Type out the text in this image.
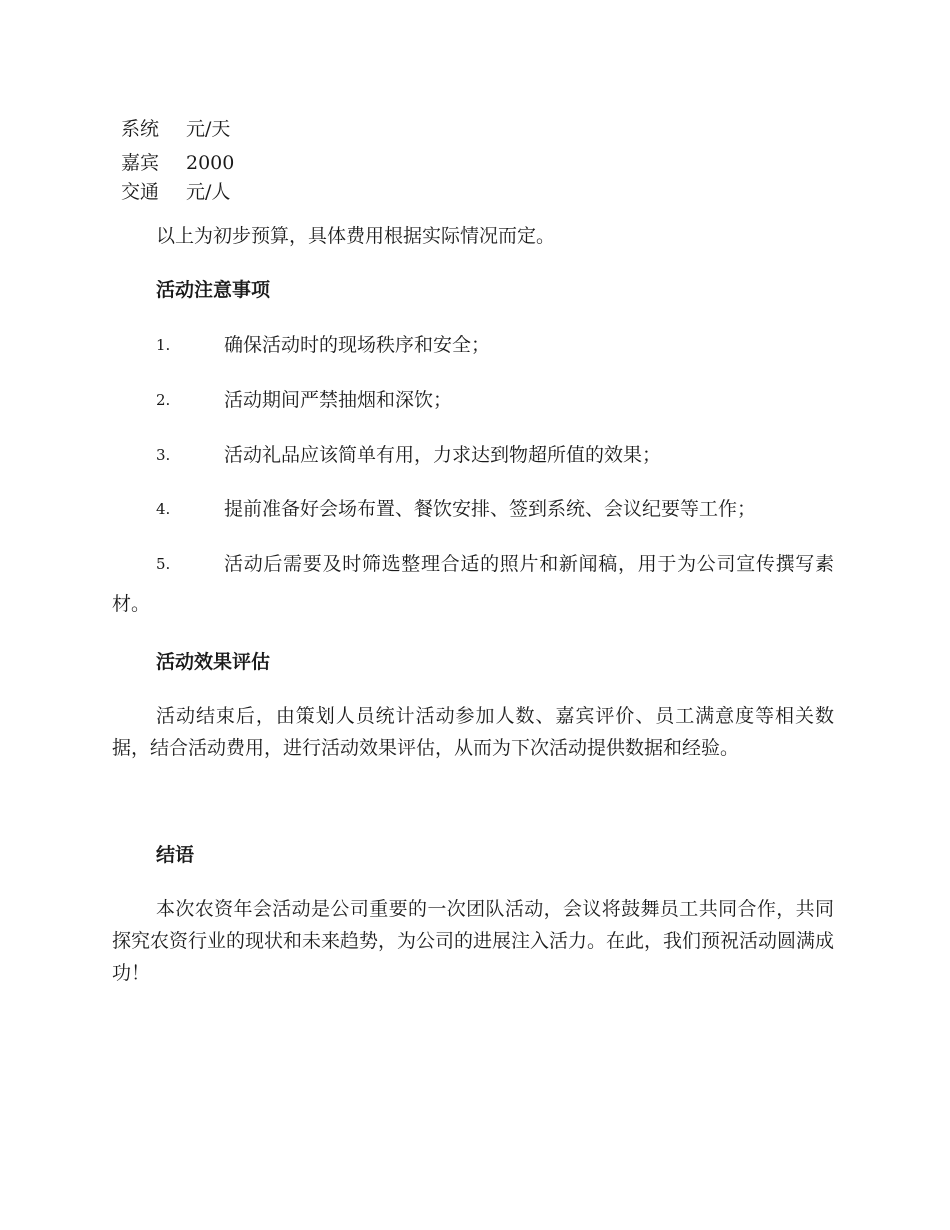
系统 元/天
嘉宾 2000
交通 元/人

以上为初步预算，具体费用根据实际情况而定。

活动注意事项
1.	确保活动时的现场秩序和安全；
2.	活动期间严禁抽烟和深饮；
3.	活动礼品应该简单有用，力求达到物超所值的效果；
4.	提前准备好会场布置、餐饮安排、签到系统、会议纪要等工作；
5.	活动后需要及时筛选整理合适的照片和新闻稿，用于为公司宣传撰写素材。
活动效果评估

活动结束后，由策划人员统计活动参加人数、嘉宾评价、员工满意度等相关数据，结合活动费用，进行活动效果评估，从而为下次活动提供数据和经验。

结语

本次农资年会活动是公司重要的一次团队活动，会议将鼓舞员工共同合作，共同探究农资行业的现状和未来趋势，为公司的进展注入活力。在此，我们预祝活动圆满成功！
